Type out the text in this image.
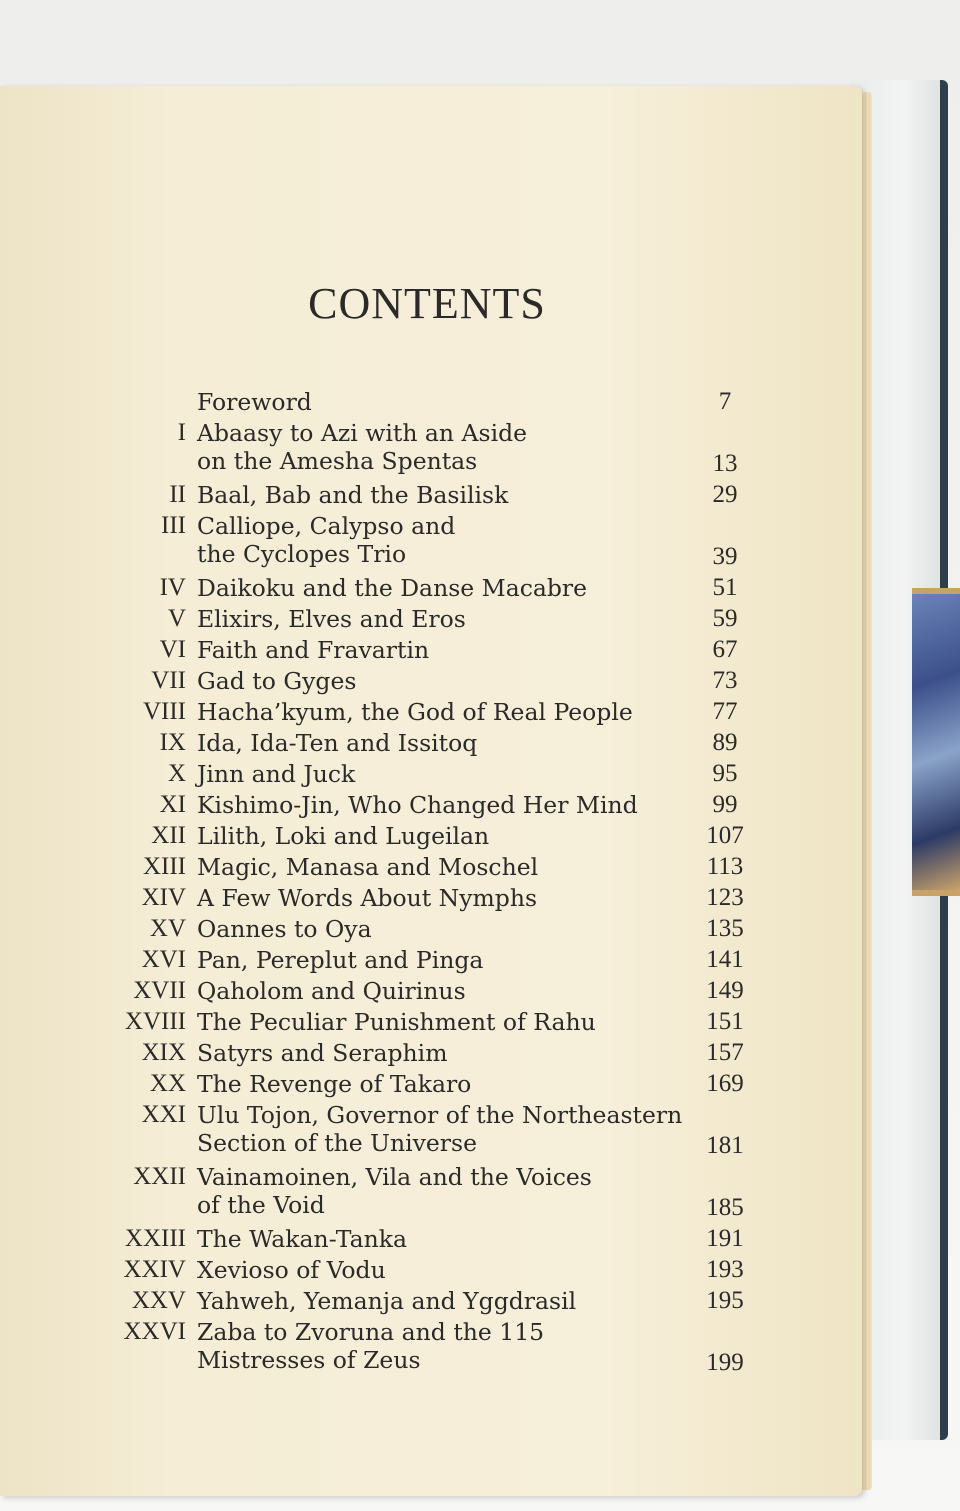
CONTENTS
Foreword	7
I Abaasy to Azi with an Aside
on the Amesha Spentas	13
II Baal, Bab and the Basilisk	29
III Calliope, Calypso and
the Cyclopes Trio	39
IV Daikoku and the Danse Macabre	51
V Elixirs, Elves and Eros	59
VI Faith and Fravartin	67
VII Gad to Gyges	73
VIII Hacha’kyum, the God of Real People	77
IX Ida, Ida-Ten and Issitoq	89
X Jinn and Juck	95
XI Kishimo-Jin, Who Changed Her Mind	99
XII Lilith, Loki and Lugeilan	107
XIII Magic, Manasa and Moschel	113
XIV A Few Words About Nymphs	123
XV Oannes to Oya	135
XVI Pan, Pereplut and Pinga	141
XVII Qaholom and Quirinus	149
XVIII The Peculiar Punishment of Rahu	151
XIX Satyrs and Seraphim	157
XX The Revenge of Takaro	169
XXI Ulu Tojon, Governor of the Northeastern
Section of the Universe	181
XXII Vainamoinen, Vila and the Voices
of the Void	185
XXIII The Wakan-Tanka	191
XXIV Xevioso of Vodu	193
XXV Yahweh, Yemanja and Yggdrasil	195
XXVI Zaba to Zvoruna and the 115
Mistresses of Zeus	199
